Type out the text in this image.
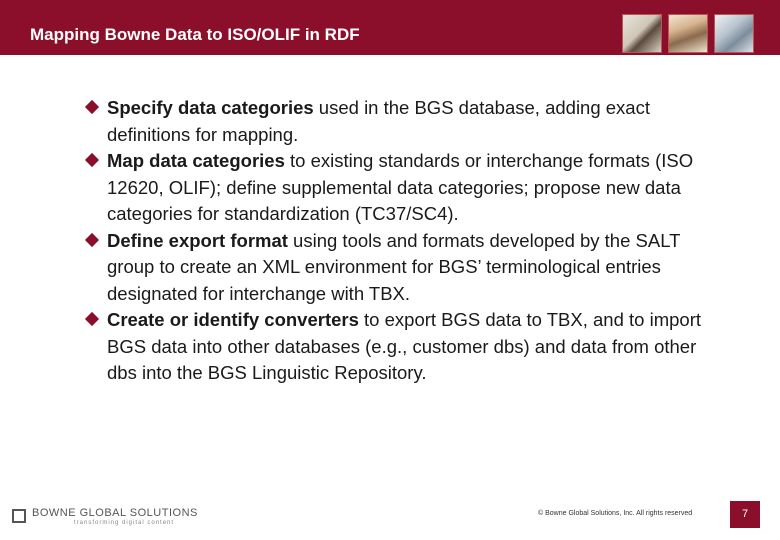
Mapping Bowne Data to ISO/OLIF in RDF

Specify data categories used in the BGS database, adding exact definitions for mapping.

Map data categories to existing standards or interchange formats (ISO 12620, OLIF); define supplemental data categories; propose new data categories for standardization (TC37/SC4).

Define export format using tools and formats developed by the SALT group to create an XML environment for BGS’ terminological entries designated for interchange with TBX.

Create or identify converters to export BGS data to TBX, and to import BGS data into other databases (e.g., customer dbs) and data from other dbs into the BGS Linguistic Repository.

BOWNE GLOBAL SOLUTIONS
transforming digital content
© Bowne Global Solutions, Inc. All rights reserved	7
